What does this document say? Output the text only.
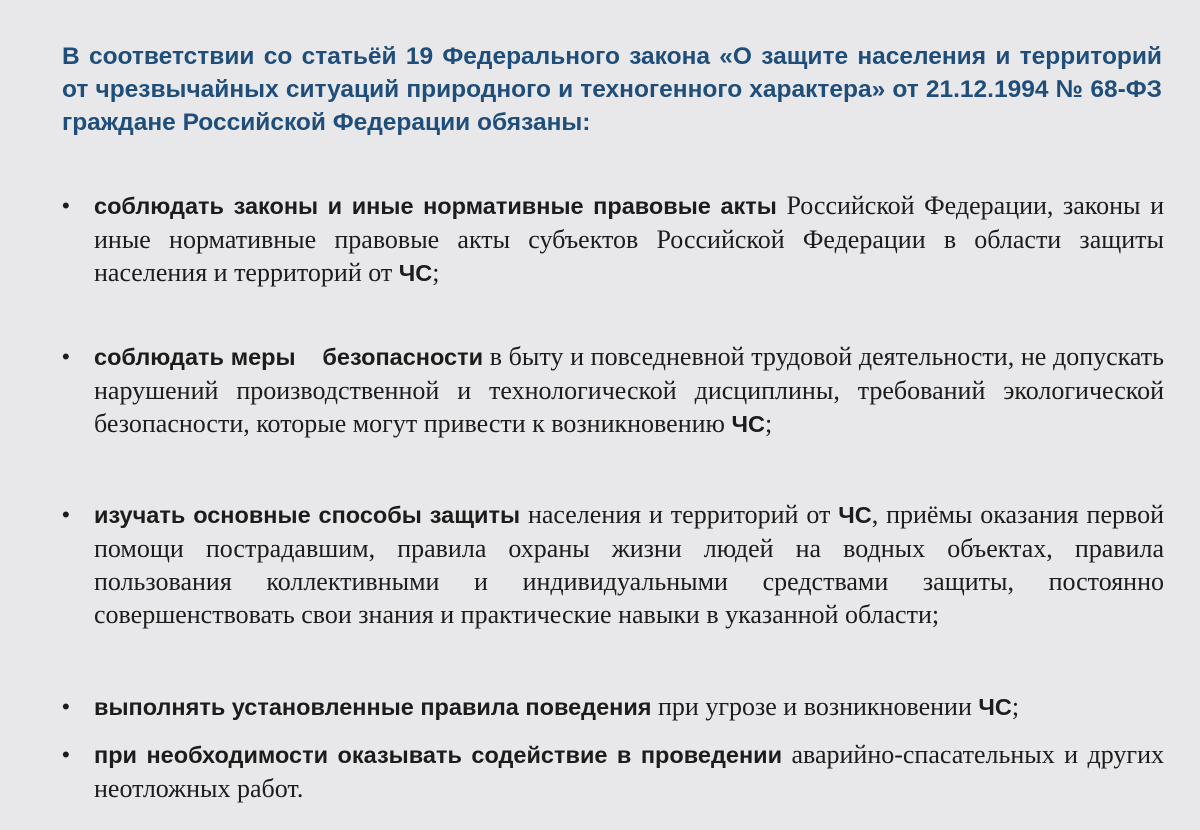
В соответствии со статьёй 19 Федерального закона «О защите населения и территорий от чрезвычайных ситуаций природного и техногенного характера» от 21.12.1994 № 68-ФЗ граждане Российской Федерации обязаны:

• соблюдать законы и иные нормативные правовые акты Российской Федерации, законы и иные нормативные правовые акты субъектов Российской Федерации в области защиты населения и территорий от ЧС;
• соблюдать меры    безопасности в быту и повседневной трудовой деятельности, не допускать нарушений производственной и технологической дисциплины, требований экологической безопасности, которые могут привести к возникновению ЧС;
• изучать основные способы защиты населения и территорий от ЧС, приёмы оказания первой помощи пострадавшим, правила охраны жизни людей на водных объектах, правила пользования коллективными и индивидуальными средствами защиты, постоянно совершенствовать свои знания и практические навыки в указанной области;
• выполнять установленные правила поведения при угрозе и возникновении ЧС;
• при необходимости оказывать содействие в проведении аварийно-спасательных и других неотложных работ.
